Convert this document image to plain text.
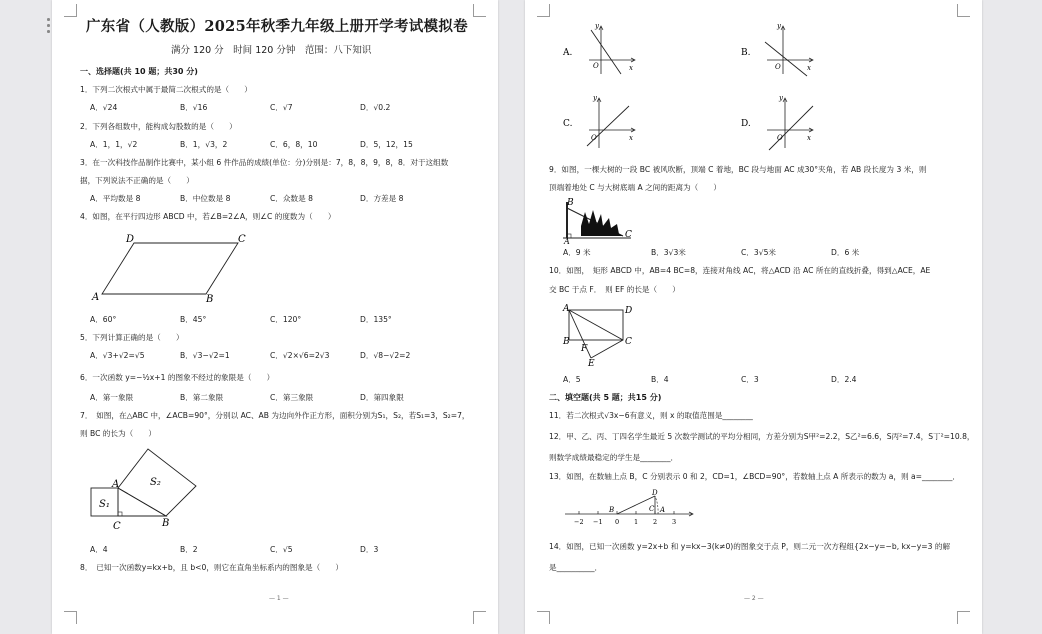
广东省（人教版）2025年秋季九年级上册开学考试模拟卷
满分 120 分　时间 120 分钟　范围：八下知识
一、选择题(共 10 题；共30 分)
1．下列二次根式中属于最简二次根式的是（　　）
A．√24	B．√16	C．√7	D．√0.2
2．下列各组数中，能构成勾股数的是（　　）
A．1，1，√2	B．1，√3，2	C．6，8，10	D．5，12，15
3．在一次科技作品制作比赛中，某小组 6 件作品的成绩(单位：分)分别是：7，8，8，9，8，8．对于这组数
据，下列说法不正确的是（　　）
A．平均数是 8	B．中位数是 8	C．众数是 8	D．方差是 8
4．如图，在平行四边形 ABCD 中，若∠B=2∠A，则∠C 的度数为（　　）
A	B
C
D
A．60°	B．45°	C．120°	D．135°
5．下列计算正确的是（　　）
A．√3+√2=√5	B．√3−√2=1	C．√2×√6=2√3	D．√8−√2=2
6．一次函数 y=−½x+1 的图象不经过的象限是（　　）
A．第一象限	B．第二象限	C．第三象限	D．第四象限
7．　如图，在△ABC 中，∠ACB=90°，分别以 AC、AB 为边向外作正方形，面积分别为S₁，S₂，若S₁=3，S₂=7，
则 BC 的长为（　　）
A
B
C
S₁
S₂
A．4	B．2	C．√5	D．3
8．　已知一次函数y=kx+b，且 b<0，则它在直角坐标系内的图象是（　　）
— 1 —
A.
y
x
O
B.
y
x
O
C.
y
x
O
D.
y
x
O
9．如图，一棵大树的一段 BC 被风吹断，顶端 C 着地，BC 段与地面 AC 成30°夹角，若 AB 段长度为 3 米，则
顶端着地处 C 与大树底端 A 之间的距离为（　　）
B
A
C
A．9 米	B．3√3米	C．3√5米	D．6 米
10．如图，　矩形 ABCD 中，AB=4 BC=8，连接对角线 AC，将△ACD 沿 AC 所在的直线折叠，得到△ACE，AE
交 BC 于点 F．　则 EF 的长是（　　）
A
B	C
D
E
F
A．5	B．4	C．3	D．2.4
二、填空题(共 5 题；共15 分)
11．若二次根式√3x−6有意义，则 x 的取值范围是________
12．甲、乙、丙、丁四名学生最近 5 次数学测试的平均分相同，方差分别为S甲²=2.2，S乙²=6.6，S丙²=7.4，S丁²=10.8，
则数学成绩最稳定的学生是________．
13．如图，在数轴上点 B，C 分别表示 0 和 2，CD=1，∠BCD=90°，若数轴上点 A 所表示的数为 a，则 a=________．
−2 −1 0 1 2 3
B	C
D
A
14．如图，已知一次函数 y=2x+b 和 y=kx−3(k≠0)的图象交于点 P，则二元一次方程组{2x−y=−b, kx−y=3 的解
是__________．
— 2 —
